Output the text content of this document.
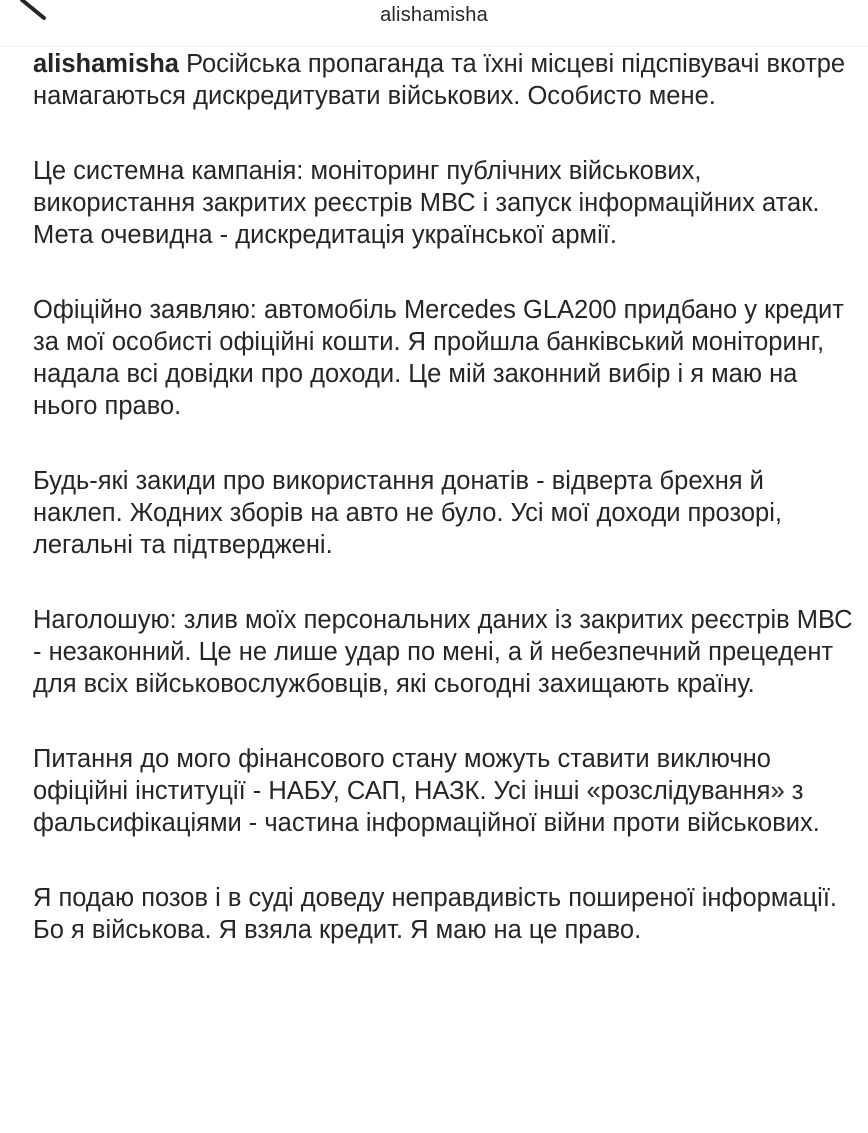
alishamisha

alishamisha Російська пропаганда та їхні місцеві підспівувачі вкотре намагаються дискредитувати військових. Особисто мене.

Це системна кампанія: моніторинг публічних військових, використання закритих реєстрів МВС і запуск інформаційних атак. Мета очевидна - дискредитація української армії.

Офіційно заявляю: автомобіль Mercedes GLA200 придбано у кредит за мої особисті офіційні кошти. Я пройшла банківський моніторинг, надала всі довідки про доходи. Це мій законний вибір і я маю на нього право.

Будь-які закиди про використання донатів - відверта брехня й наклеп. Жодних зборів на авто не було. Усі мої доходи прозорі, легальні та підтверджені.

Наголошую: злив моїх персональних даних із закритих реєстрів МВС - незаконний. Це не лише удар по мені, а й небезпечний прецедент для всіх військовослужбовців, які сьогодні захищають країну.

Питання до мого фінансового стану можуть ставити виключно офіційні інституції - НАБУ, САП, НАЗК. Усі інші «розслідування» з фальсифікаціями - частина інформаційної війни проти військових.

Я подаю позов і в суді доведу неправдивість поширеної інформації. Бо я військова. Я взяла кредит. Я маю на це право.
